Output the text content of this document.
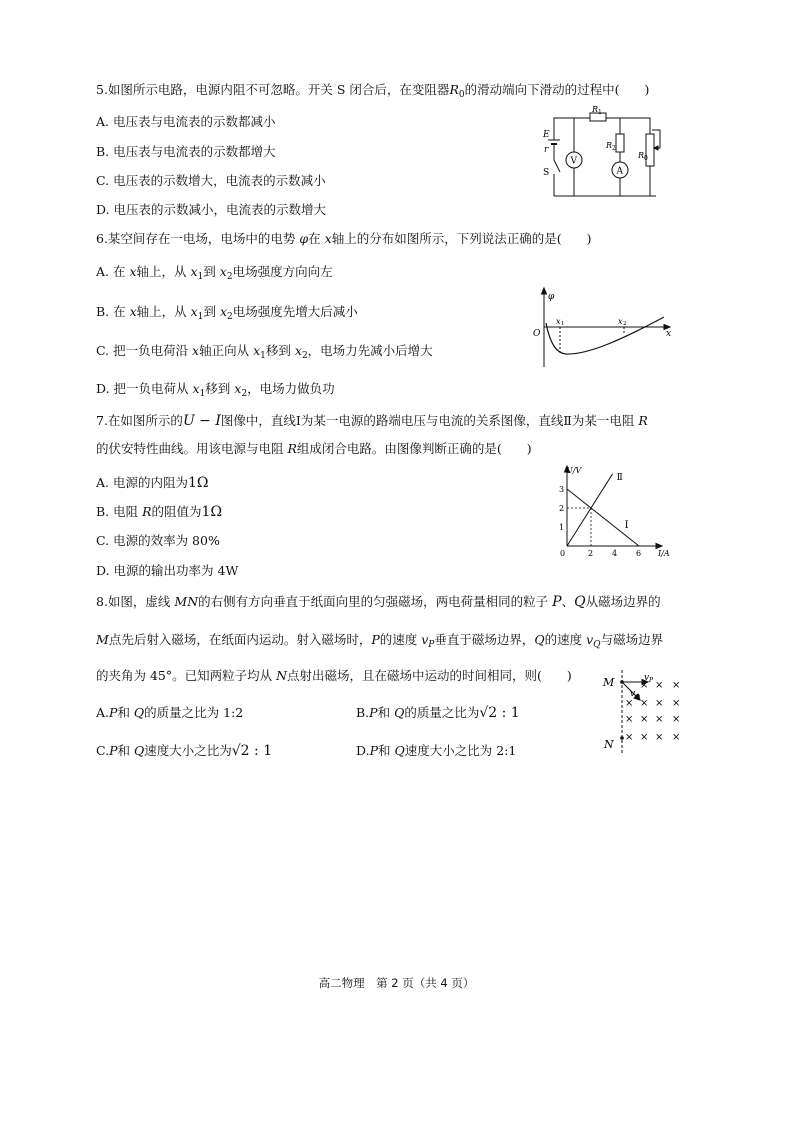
5.如图所示电路，电源内阻不可忽略。开关 S 闭合后，在变阻器$R_0$的滑动端向下滑动的过程中(　　)
A. 电压表与电流表的示数都减小
B. 电压表与电流表的示数都增大
C. 电压表的示数增大，电流表的示数减小
D. 电压表的示数减小，电流表的示数增大
E
r
S
R 1
R 2
R 0
V
A
6.某空间存在一电场，电场中的电势 φ在 x轴上的分布如图所示，下列说法正确的是(　　)
A. 在 x轴上，从 $x_1$到 $x_2$电场强度方向向左
B. 在 x轴上，从 $x_1$到 $x_2$电场强度先增大后减小
C. 把一负电荷沿 x轴正向从 $x_1$移到 $x_2$，电场力先减小后增大
D. 把一负电荷从 $x_1$移到 $x_2$，电场力做负功
φ
O
x 1	x 2
x
7.在如图所示的U − I图像中，直线Ⅰ为某一电源的路端电压与电流的关系图像，直线Ⅱ为某一电阻 R
的伏安特性曲线。用该电源与电阻 R组成闭合电路。由图像判断正确的是(　　)
A. 电源的内阻为1Ω
B. 电阻 R的阻值为1Ω
C. 电源的效率为 80%
D. 电源的输出功率为 4W
Ⅰ
Ⅱ
2 4 6
1
2
3
U/V
I/A
0
8.如图，虚线 MN的右侧有方向垂直于纸面向里的匀强磁场，两电荷量相同的粒子 P、Q从磁场边界的
M点先后射入磁场，在纸面内运动。射入磁场时，P的速度 $v_P$垂直于磁场边界，Q的速度 $v_Q$与磁场边界
的夹角为 45°。已知两粒子均从 N点射出磁场，且在磁场中运动的时间相同，则(　　)
A.P和 Q的质量之比为 1:2	B.P和 Q的质量之比为√2 : 1
C.P和 Q速度大小之比为√2 : 1	D.P和 Q速度大小之比为 2:1
× × ×
× × × ×
× × × ×
× × × ×
M
N
v P
v Q
高二物理　第 2 页（共 4 页）
